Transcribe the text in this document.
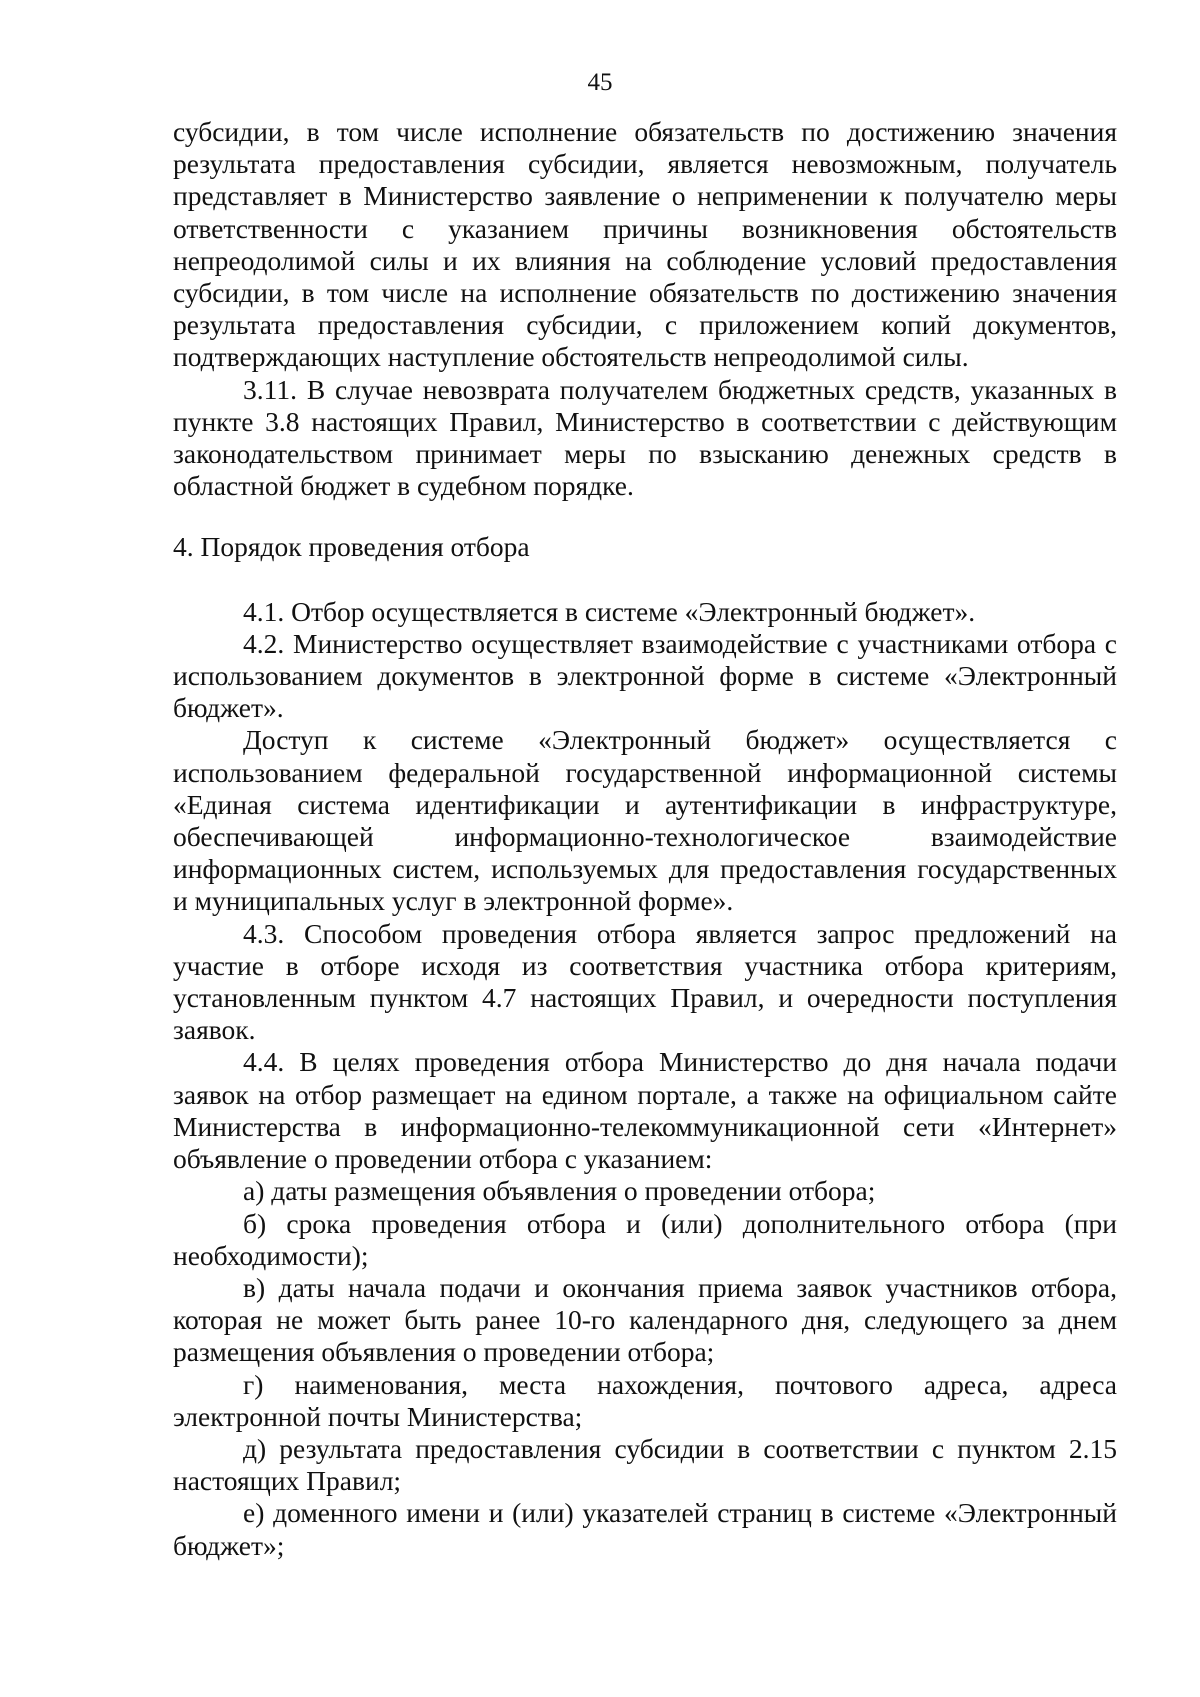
45

субсидии, в том числе исполнение обязательств по достижению значения результата предоставления субсидии, является невозможным, получатель представляет в Министерство заявление о неприменении к получателю меры ответственности с указанием причины возникновения обстоятельств непреодолимой силы и их влияния на соблюдение условий предоставления субсидии, в том числе на исполнение обязательств по достижению значения результата предоставления субсидии, с приложением копий документов, подтверждающих наступление обстоятельств непреодолимой силы.

3.11. В случае невозврата получателем бюджетных средств, указанных в пункте 3.8 настоящих Правил, Министерство в соответствии с действующим законодательством принимает меры по взысканию денежных средств в областной бюджет в судебном порядке.

4. Порядок проведения отбора

4.1. Отбор осуществляется в системе «Электронный бюджет».

4.2. Министерство осуществляет взаимодействие с участниками отбора с использованием документов в электронной форме в системе «Электронный бюджет».

Доступ к системе «Электронный бюджет» осуществляется с использованием федеральной государственной информационной системы «Единая система идентификации и аутентификации в инфраструктуре, обеспечивающей информационно-технологическое взаимодействие информационных систем, используемых для предоставления государственных и муниципальных услуг в электронной форме».

4.3. Способом проведения отбора является запрос предложений на участие в отборе исходя из соответствия участника отбора критериям, установленным пунктом 4.7 настоящих Правил, и очередности поступления заявок.

4.4. В целях проведения отбора Министерство до дня начала подачи заявок на отбор размещает на едином портале, а также на официальном сайте Министерства в информационно-телекоммуникационной сети «Интернет» объявление о проведении отбора с указанием:

а) даты размещения объявления о проведении отбора;

б) срока проведения отбора и (или) дополнительного отбора (при необходимости);

в) даты начала подачи и окончания приема заявок участников отбора, которая не может быть ранее 10-го календарного дня, следующего за днем размещения объявления о проведении отбора;

г) наименования, места нахождения, почтового адреса, адреса электронной почты Министерства;

д) результата предоставления субсидии в соответствии с пунктом 2.15 настоящих Правил;

е) доменного имени и (или) указателей страниц в системе «Электронный бюджет»;
